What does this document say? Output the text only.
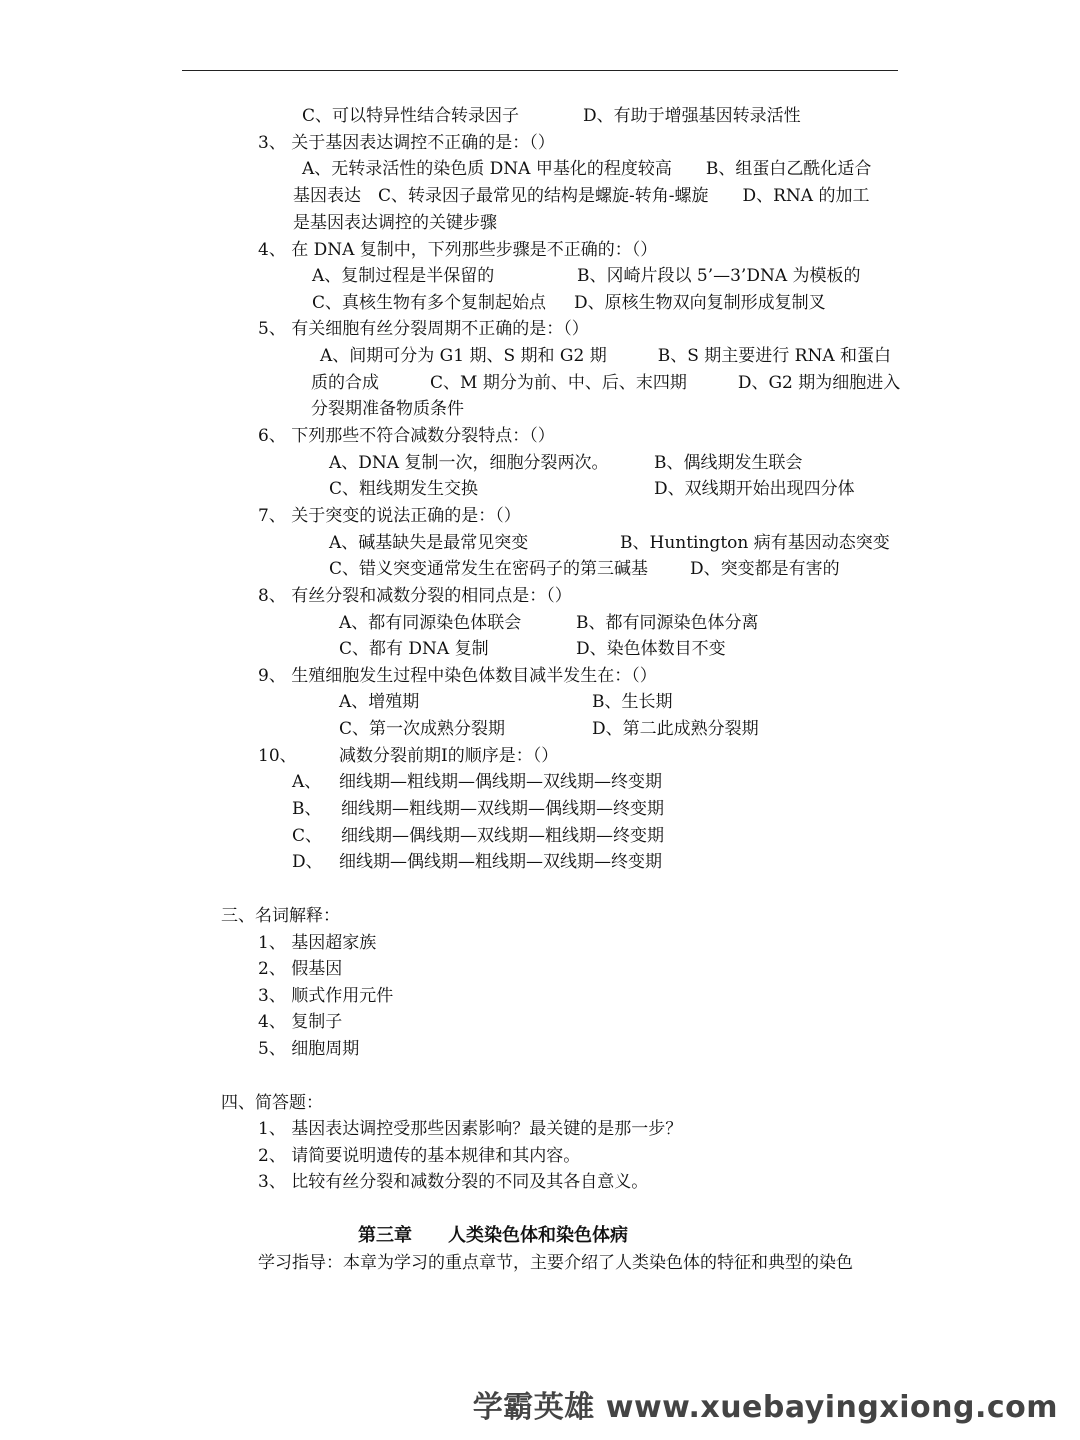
C、可以特异性结合转录因子	D、有助于增强基因转录活性
3、 关于基因表达调控不正确的是：（）
A、无转录活性的染色质 DNA 甲基化的程度较高　　B、组蛋白乙酰化适合
基因表达　C、转录因子最常见的结构是螺旋-转角-螺旋　　D、RNA 的加工
是基因表达调控的关键步骤
4、 在 DNA 复制中，下列那些步骤是不正确的：（）
A、复制过程是半保留的	B、冈崎片段以 5’—3’DNA 为模板的
C、真核生物有多个复制起始点 D、原核生物双向复制形成复制叉
5、 有关细胞有丝分裂周期不正确的是：（）
A、间期可分为 G1 期、S 期和 G2 期　　　B、S 期主要进行 RNA 和蛋白
质的合成　　　C、M 期分为前、中、后、末四期　　　D、G2 期为细胞进入
分裂期准备物质条件
6、 下列那些不符合减数分裂特点：（）
A、DNA 复制一次，细胞分裂两次。	B、偶线期发生联会
C、粗线期发生交换	D、双线期开始出现四分体
7、 关于突变的说法正确的是：（）
A、碱基缺失是最常见突变	B、Huntington 病有基因动态突变
C、错义突变通常发生在密码子的第三碱基 D、突变都是有害的
8、 有丝分裂和减数分裂的相同点是：（）
A、都有同源染色体联会	B、都有同源染色体分离
C、都有 DNA 复制	D、染色体数目不变
9、 生殖细胞发生过程中染色体数目减半发生在：（）
A、增殖期	B、生长期
C、第一次成熟分裂期	D、第二此成熟分裂期
10、 减数分裂前期Ⅰ的顺序是：（）
A、 细线期—粗线期—偶线期—双线期—终变期
B、 细线期—粗线期—双线期—偶线期—终变期
C、 细线期—偶线期—双线期—粗线期—终变期
D、 细线期—偶线期—粗线期—双线期—终变期
三、名词解释：
1、 基因超家族
2、 假基因
3、 顺式作用元件
4、 复制子
5、 细胞周期
四、简答题：
1、 基因表达调控受那些因素影响？最关键的是那一步？
2、 请简要说明遗传的基本规律和其内容。
3、 比较有丝分裂和减数分裂的不同及其各自意义。
第三章　　人类染色体和染色体病
学习指导：本章为学习的重点章节，主要介绍了人类染色体的特征和典型的染色
学霸英雄 www.xuebayingxiong.com
